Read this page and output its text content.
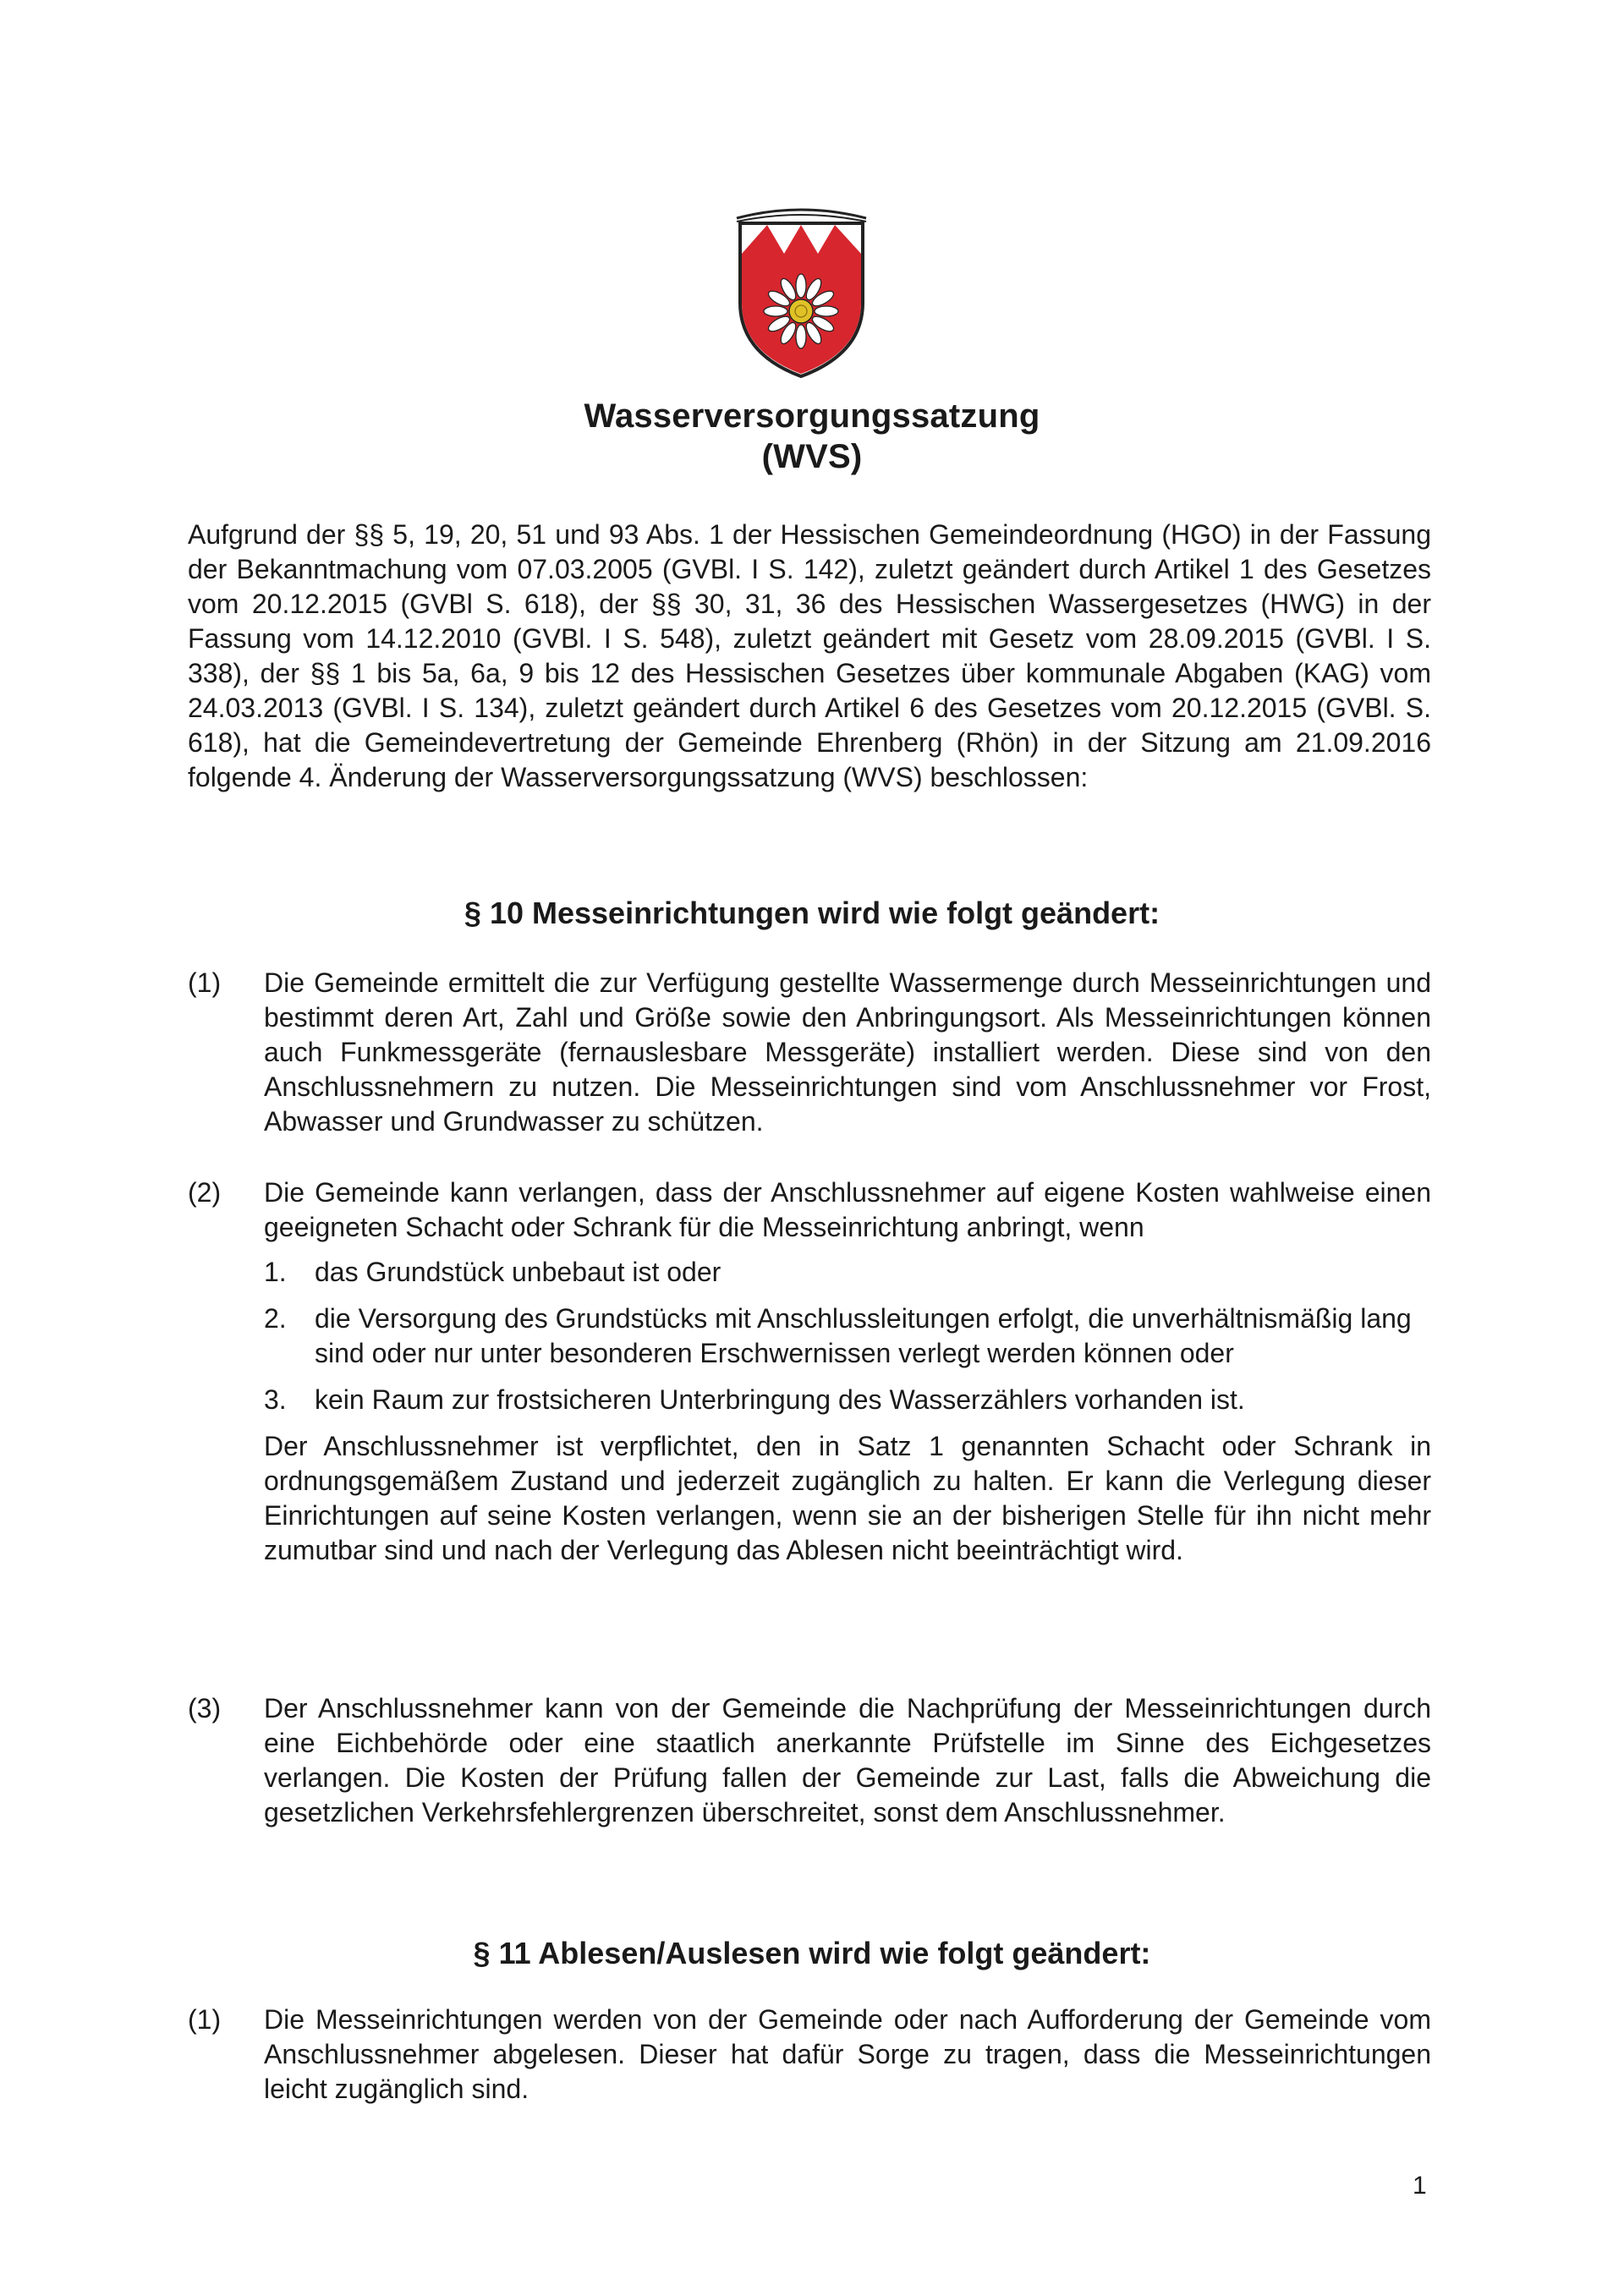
Wasserversorgungssatzung
(WVS)
Aufgrund der §§ 5, 19, 20, 51 und 93 Abs. 1 der Hessischen Gemeindeordnung (HGO) in der Fassung der Bekanntmachung vom 07.03.2005 (GVBl. I S. 142), zuletzt geändert durch Artikel 1 des Gesetzes vom 20.12.2015 (GVBl S. 618), der §§ 30, 31, 36 des Hessischen Wassergesetzes (HWG) in der Fassung vom 14.12.2010 (GVBl. I S. 548), zuletzt geändert mit Gesetz vom 28.09.2015 (GVBl. I S. 338), der §§ 1 bis 5a, 6a, 9 bis 12 des Hessischen Gesetzes über kommunale Abgaben (KAG) vom 24.03.2013 (GVBl. I S. 134), zuletzt geändert durch Artikel 6 des Gesetzes vom 20.12.2015 (GVBl. S. 618), hat die Gemeindevertretung der Gemeinde Ehrenberg (Rhön) in der Sitzung am 21.09.2016 folgende 4. Änderung der Wasserversorgungssatzung (WVS) beschlossen:
§ 10 Messeinrichtungen wird wie folgt geändert:
(1) Die Gemeinde ermittelt die zur Verfügung gestellte Wassermenge durch Messeinrichtungen und bestimmt deren Art, Zahl und Größe sowie den Anbringungsort. Als Messeinrichtungen können auch Funkmessgeräte (fernauslesbare Messgeräte) installiert werden. Diese sind von den Anschlussnehmern zu nutzen. Die Messeinrichtungen sind vom Anschlussnehmer vor Frost, Abwasser und Grundwasser zu schützen.
(2) Die Gemeinde kann verlangen, dass der Anschlussnehmer auf eigene Kosten wahlweise einen geeigneten Schacht oder Schrank für die Messeinrichtung anbringt, wenn
1. das Grundstück unbebaut ist oder
2. die Versorgung des Grundstücks mit Anschlussleitungen erfolgt, die unverhältnismäßig lang sind oder nur unter besonderen Erschwernissen verlegt werden können oder
3. kein Raum zur frostsicheren Unterbringung des Wasserzählers vorhanden ist.
Der Anschlussnehmer ist verpflichtet, den in Satz 1 genannten Schacht oder Schrank in ordnungsgemäßem Zustand und jederzeit zugänglich zu halten. Er kann die Verlegung dieser Einrichtungen auf seine Kosten verlangen, wenn sie an der bisherigen Stelle für ihn nicht mehr zumutbar sind und nach der Verlegung das Ablesen nicht beeinträchtigt wird.
(3) Der Anschlussnehmer kann von der Gemeinde die Nachprüfung der Messeinrichtungen durch eine Eichbehörde oder eine staatlich anerkannte Prüfstelle im Sinne des Eichgesetzes verlangen. Die Kosten der Prüfung fallen der Gemeinde zur Last, falls die Abweichung die gesetzlichen Verkehrsfehlergrenzen überschreitet, sonst dem Anschlussnehmer.
§ 11 Ablesen/Auslesen wird wie folgt geändert:
(1) Die Messeinrichtungen werden von der Gemeinde oder nach Aufforderung der Gemeinde vom Anschlussnehmer abgelesen. Dieser hat dafür Sorge zu tragen, dass die Messeinrichtungen leicht zugänglich sind.
1
